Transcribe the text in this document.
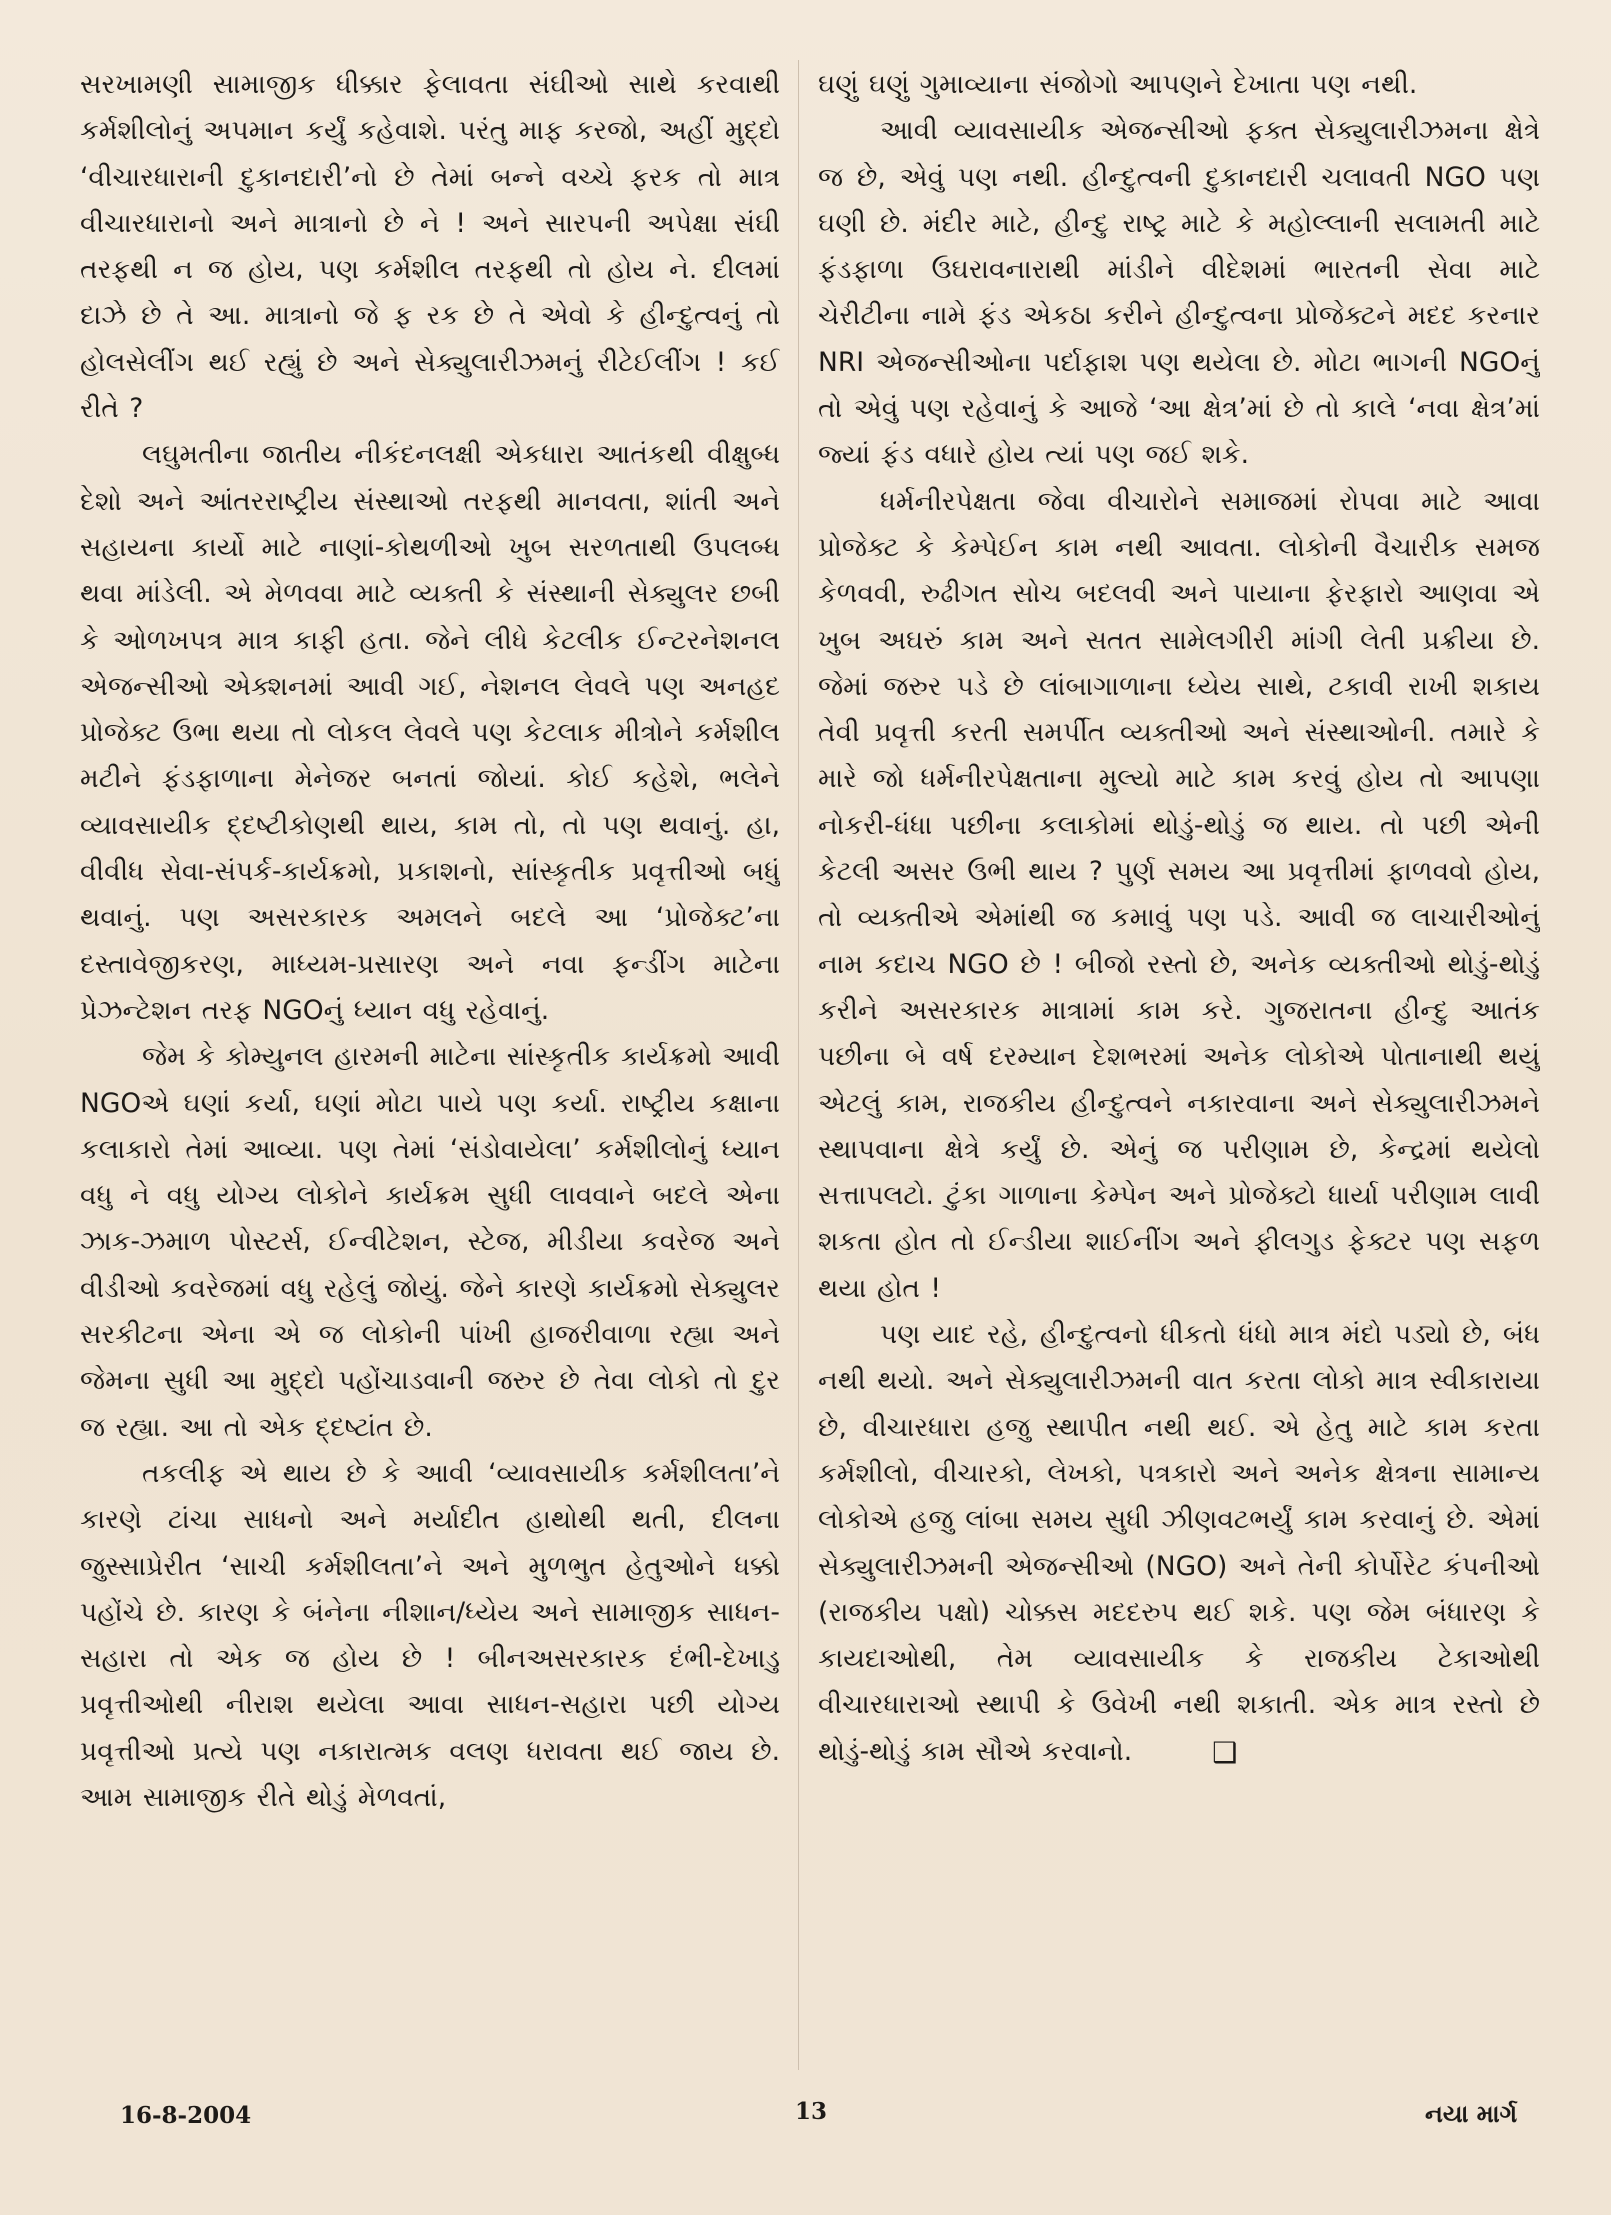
સરખામણી સામાજીક ધીક્કાર ફેલાવતા સંઘીઓ સાથે કરવાથી કર્મશીલોનું અપમાન કર્યું કહેવાશે. પરંતુ માફ કરજો, અહીં મુદ્દો ‘વીચારધારાની દુકાનદારી’નો છે તેમાં બન્ને વચ્ચે ફરક તો માત્ર વીચારધારાનો અને માત્રાનો છે ને ! અને સારપની અપેક્ષા સંઘી તરફથી ન જ હોય, પણ કર્મશીલ તરફથી તો હોય ને. દીલમાં દાઝે છે તે આ. માત્રાનો જે ફ રક છે તે એવો કે હીન્દુત્વનું તો હોલસેલીંગ થઈ રહ્યું છે અને સેક્યુલારીઝમનું રીટેઈલીંગ ! કઈ રીતે ?

લઘુમતીના જાતીય નીકંદનલક્ષી એકધારા આતંકથી વીક્ષુબ્ધ દેશો અને આંતરરાષ્ટ્રીય સંસ્થાઓ તરફથી માનવતા, શાંતી અને સહાયના કાર્યો માટે નાણાં-કોથળીઓ ખુબ સરળતાથી ઉપલબ્ધ થવા માંડેલી. એ મેળવવા માટે વ્યક્તી કે સંસ્થાની સેક્યુલર છબી કે ઓળખપત્ર માત્ર કાફી હતા. જેને લીધે કેટલીક ઈન્ટરનેશનલ એજન્સીઓ એક્શનમાં આવી ગઈ, નેશનલ લેવલે પણ અનહદ પ્રોજેક્ટ ઉભા થયા તો લોકલ લેવલે પણ કેટલાક મીત્રોને કર્મશીલ મટીને ફંડફાળાના મેનેજર બનતાં જોયાં. કોઈ કહેશે, ભલેને વ્યાવસાયીક દ્દષ્ટીકોણથી થાય, કામ તો, તો પણ થવાનું. હા, વીવીધ સેવા-સંપર્ક-કાર્યક્રમો, પ્રકાશનો, સાંસ્કૃતીક પ્રવૃત્તીઓ બધું થવાનું. પણ અસરકારક અમલને બદલે આ ‘પ્રોજેક્ટ’ના દસ્તાવેજીકરણ, માધ્યમ-પ્રસારણ અને નવા ફન્ડીંગ માટેના પ્રેઝન્ટેશન તરફ NGOનું ધ્યાન વધુ રહેવાનું.

જેમ કે કોમ્યુનલ હારમની માટેના સાંસ્કૃતીક કાર્યક્રમો આવી NGOએ ઘણાં કર્યા, ઘણાં મોટા પાયે પણ કર્યા. રાષ્ટ્રીય કક્ષાના કલાકારો તેમાં આવ્યા. પણ તેમાં ‘સંડોવાયેલા’ કર્મશીલોનું ધ્યાન વધુ ને વધુ યોગ્ય લોકોને કાર્યક્રમ સુધી લાવવાને બદલે એના ઝાક-ઝમાળ પોસ્ટર્સ, ઈન્વીટેશન, સ્ટેજ, મીડીયા કવરેજ અને વીડીઓ કવરેજમાં વધુ રહેલું જોયું. જેને કારણે કાર્યક્રમો સેક્યુલર સરકીટના એના એ જ લોકોની પાંખી હાજરીવાળા રહ્યા અને જેમના સુધી આ મુદ્દો પહોંચાડવાની જરુર છે તેવા લોકો તો દુર જ રહ્યા. આ તો એક દ્દષ્ટાંત છે.

તકલીફ એ થાય છે કે આવી ‘વ્યાવસાયીક કર્મશીલતા’ને કારણે ટાંચા સાધનો અને મર્યાદીત હાથોથી થતી, દીલના જુસ્સાપ્રેરીત ‘સાચી કર્મશીલતા’ને અને મુળભુત હેતુઓને ધક્કો પહોંચે છે. કારણ કે બંનેના નીશાન/ધ્યેય અને સામાજીક સાધન-સહારા તો એક જ હોય છે ! બીનઅસરકારક દંભી-દેખાડુ પ્રવૃત્તીઓથી નીરાશ થયેલા આવા સાધન-સહારા પછી યોગ્ય પ્રવૃત્તીઓ પ્રત્યે પણ નકારાત્મક વલણ ધરાવતા થઈ જાય છે. આમ સામાજીક રીતે થોડું મેળવતાં,

ઘણું ઘણું ગુમાવ્યાના સંજોગો આપણને દેખાતા પણ નથી.

આવી વ્યાવસાયીક એજન્સીઓ ફક્ત સેક્યુલારીઝમના ક્ષેત્રે જ છે, એવું પણ નથી. હીન્દુત્વની દુકાનદારી ચલાવતી NGO પણ ઘણી છે. મંદીર માટે, હીન્દુ રાષ્ટ્ર માટે કે મહોલ્લાની સલામતી માટે ફંડફાળા ઉઘરાવનારાથી માંડીને વીદેશમાં ભારતની સેવા માટે ચેરીટીના નામે ફંડ એકઠા કરીને હીન્દુત્વના પ્રોજેક્ટને મદદ કરનાર NRI એજન્સીઓના પર્દાફાશ પણ થયેલા છે. મોટા ભાગની NGOનું તો એવું પણ રહેવાનું કે આજે ‘આ ક્ષેત્ર’માં છે તો કાલે ‘નવા ક્ષેત્ર’માં જ્યાં ફંડ વધારે હોય ત્યાં પણ જઈ શકે.

ધર્મનીરપેક્ષતા જેવા વીચારોને સમાજમાં રોપવા માટે આવા પ્રોજેક્ટ કે કેમ્પેઈન કામ નથી આવતા. લોકોની વૈચારીક સમજ કેળવવી, રુઢીગત સોચ બદલવી અને પાયાના ફેરફારો આણવા એ ખુબ અઘરું કામ અને સતત સામેલગીરી માંગી લેતી પ્રક્રીયા છે. જેમાં જરુર પડે છે લાંબાગાળાના ધ્યેય સાથે, ટકાવી રાખી શકાય તેવી પ્રવૃત્તી કરતી સમર્પીત વ્યક્તીઓ અને સંસ્થાઓની. તમારે કે મારે જો ધર્મનીરપેક્ષતાના મુલ્યો માટે કામ કરવું હોય તો આપણા નોકરી-ધંધા પછીના કલાકોમાં થોડું-થોડું જ થાય. તો પછી એની કેટલી અસર ઉભી થાય ? પુર્ણ સમય આ પ્રવૃત્તીમાં ફાળવવો હોય, તો વ્યક્તીએ એમાંથી જ કમાવું પણ પડે. આવી જ લાચારીઓનું નામ કદાચ NGO છે ! બીજો રસ્તો છે, અનેક વ્યક્તીઓ થોડું-થોડું કરીને અસરકારક માત્રામાં કામ કરે. ગુજરાતના હીન્દુ આતંક પછીના બે વર્ષ દરમ્યાન દેશભરમાં અનેક લોકોએ પોતાનાથી થયું એટલું કામ, રાજકીય હીન્દુત્વને નકારવાના અને સેક્યુલારીઝમને સ્થાપવાના ક્ષેત્રે કર્યું છે. એનું જ પરીણામ છે, કેન્દ્રમાં થયેલો સત્તાપલટો. ટુંકા ગાળાના કેમ્પેન અને પ્રોજેક્ટો ધાર્યા પરીણામ લાવી શકતા હોત તો ઈન્ડીયા શાઈનીંગ અને ફીલગુડ ફેક્ટર પણ સફળ થયા હોત !

પણ યાદ રહે, હીન્દુત્વનો ધીકતો ધંધો માત્ર મંદો પડ્યો છે, બંધ નથી થયો. અને સેક્યુલારીઝમની વાત કરતા લોકો માત્ર સ્વીકારાયા છે, વીચારધારા હજુ સ્થાપીત નથી થઈ. એ હેતુ માટે કામ કરતા કર્મશીલો, વીચારકો, લેખકો, પત્રકારો અને અનેક ક્ષેત્રના સામાન્ય લોકોએ હજુ લાંબા સમય સુધી ઝીણવટભર્યું કામ કરવાનું છે. એમાં સેક્યુલારીઝમની એજન્સીઓ (NGO) અને તેની કોર્પોરેટ કંપનીઓ (રાજકીય પક્ષો) ચોક્કસ મદદરુપ થઈ શકે. પણ જેમ બંધારણ કે કાયદાઓથી, તેમ વ્યાવસાયીક કે રાજકીય ટેકાઓથી વીચારધારાઓ સ્થાપી કે ઉવેખી નથી શકાતી. એક માત્ર રસ્તો છે થોડું-થોડું કામ સૌએ કરવાનો.	❑

16-8-2004	13	નયા માર્ગ
